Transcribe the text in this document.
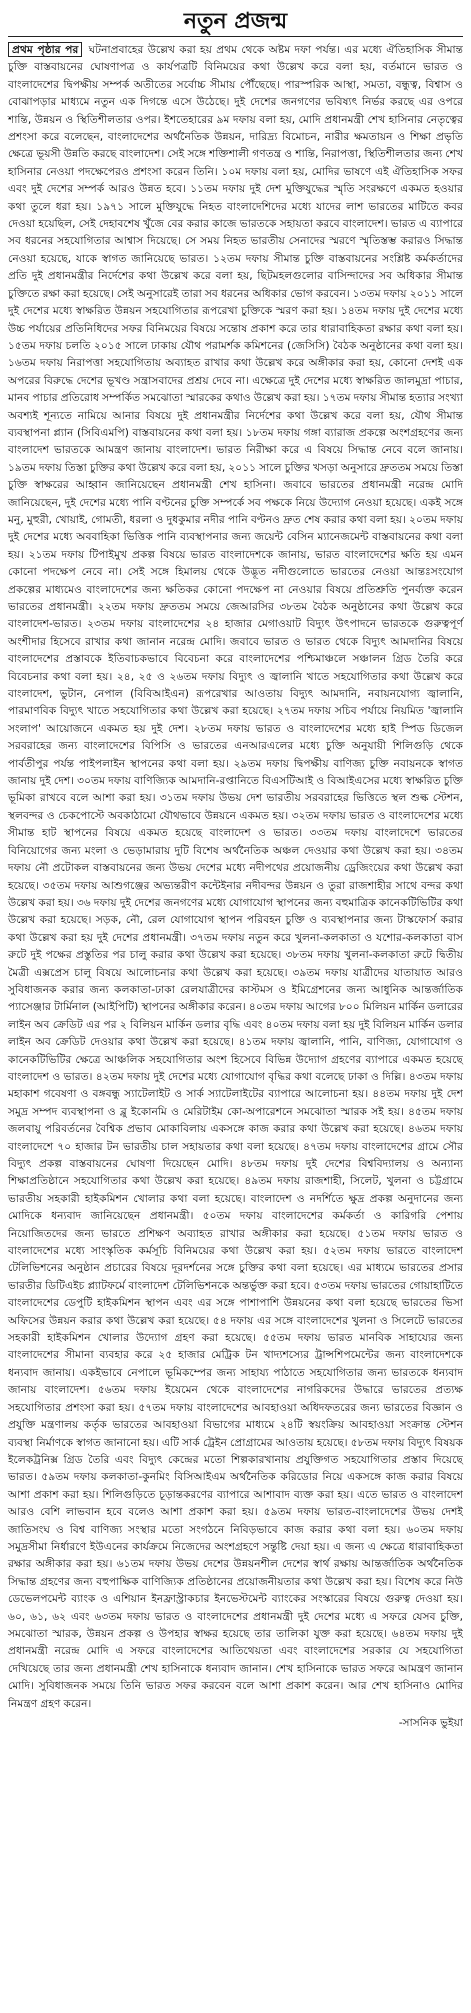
নতুন প্রজন্ম

প্রথম পৃষ্ঠার পর ঘটনাপ্রবাহের উল্লেখ করা হয় প্রথম থেকে অষ্টম দফা পর্যন্ত। এর মধ্যে ঐতিহাসিক সীমান্ত চুক্তি বাস্তবায়নের ঘোষণাপত্র ও কার্যপত্রটি বিনিময়ের কথা উল্লেখ করে বলা হয়, বর্তমানে ভারত ও বাংলাদেশের দ্বিপক্ষীয় সম্পর্ক অতীতের সর্বোচ্চ সীমায় পৌঁছেছে। পারস্পরিক আস্থা, সমতা, বন্ধুত্ব, বিশ্বাস ও বোঝাপড়ার মাধ্যমে নতুন এক দিগন্তে এসে উঠেছে। দুই দেশের জনগণের ভবিষ্যৎ নির্ভর করছে এর ওপরে শান্তি, উন্নয়ন ও স্থিতিশীলতার ওপর। ইশতেহারের ৯ম দফায় বলা হয়, মোদি প্রধানমন্ত্রী শেখ হাসিনার নেতৃত্বের প্রশংসা করে বলেছেন, বাংলাদেশের অর্থনৈতিক উন্নয়ন, দারিদ্র্য বিমোচন, নারীর ক্ষমতায়ন ও শিক্ষা প্রভৃতি ক্ষেত্রে ভূয়সী উন্নতি করছে বাংলাদেশ। সেই সঙ্গে শক্তিশালী গণতন্ত্র ও শান্তি, নিরাপত্তা, স্থিতিশীলতার জন্য শেখ হাসিনার নেওয়া পদক্ষেপেরও প্রশংসা করেন তিনি। ১০ম দফায় বলা হয়, মোদির ভাষণে এই ঐতিহাসিক সফর এবং দুই দেশের সম্পর্ক আরও উন্নত হবে। ১১তম দফায় দুই দেশ মুক্তিযুদ্ধের স্মৃতি সংরক্ষণে একমত হওয়ার কথা তুলে ধরা হয়। ১৯৭১ সালে মুক্তিযুদ্ধে নিহত বাংলাদেশিদের মধ্যে যাদের লাশ ভারতের মাটিতে কবর দেওয়া হয়েছিল, সেই দেহাবশেষ খুঁজে বের করার কাজে ভারতকে সহায়তা করবে বাংলাদেশ। ভারত এ ব্যাপারে সব ধরনের সহযোগিতার আশ্বাস দিয়েছে। সে সময় নিহত ভারতীয় সেনাদের স্মরণে স্মৃতিস্তম্ভ করারও সিদ্ধান্ত নেওয়া হয়েছে, যাকে স্বাগত জানিয়েছে ভারত। ১২তম দফায় সীমান্ত চুক্তি বাস্তবায়নের সংশ্লিষ্ট কর্মকর্তাদের প্রতি দুই প্রধানমন্ত্রীর নির্দেশের কথা উল্লেখ করে বলা হয়, ছিটমহলগুলোর বাসিন্দাদের সব অধিকার সীমান্ত চুক্তিতে রক্ষা করা হয়েছে। সেই অনুসারেই তারা সব ধরনের অধিকার ভোগ করবেন। ১৩তম দফায় ২০১১ সালে দুই দেশের মধ্যে স্বাক্ষরিত উন্নয়ন সহযোগিতার রূপরেখা চুক্তিকে স্মরণ করা হয়। ১৪তম দফায় দুই দেশের মধ্যে উচ্চ পর্যায়ের প্রতিনিধিদের সফর বিনিময়ের বিষয়ে সন্তোষ প্রকাশ করে তার ধারাবাহিকতা রক্ষার কথা বলা হয়। ১৫তম দফায় চলতি ২০১৫ সালে ঢাকায় যৌথ পরামর্শক কমিশনের (জেসিসি) বৈঠক অনুষ্ঠানের কথা বলা হয়। ১৬তম দফায় নিরাপত্তা সহযোগিতায় অব্যাহত রাখার কথা উল্লেখ করে অঙ্গীকার করা হয়, কোনো দেশই এক অপরের বিরুদ্ধে দেশের ভূখণ্ড সন্ত্রাসবাদের প্রশ্রয় দেবে না। এক্ষেত্রে দুই দেশের মধ্যে স্বাক্ষরিত জালমুদ্রা পাচার, মানব পাচার প্রতিরোধ সম্পর্কিত সমঝোতা স্মারকের কথাও উল্লেখ করা হয়। ১৭তম দফায় সীমান্ত হত্যার সংখ্যা অবশ্যই শূন্যতে নামিয়ে আনার বিষয়ে দুই প্রধানমন্ত্রীর নির্দেশের কথা উল্লেখ করে বলা হয়, যৌথ সীমান্ত ব্যবস্থাপনা প্ল্যান (সিবিএমপি) বাস্তবায়নের কথা বলা হয়। ১৮তম দফায় গঙ্গা ব্যারাজ প্রকল্পে অংশগ্রহণের জন্য বাংলাদেশ ভারতকে আমন্ত্রণ জানায় বাংলাদেশ। ভারত নিরীক্ষা করে এ বিষয়ে সিদ্ধান্ত নেবে বলে জানায়। ১৯তম দফায় তিস্তা চুক্তির কথা উল্লেখ করে বলা হয়, ২০১১ সালে চুক্তির খসড়া অনুসারে দ্রুততম সময়ে তিস্তা চুক্তি স্বাক্ষরের আহ্বান জানিয়েছেন প্রধানমন্ত্রী শেখ হাসিনা। জবাবে ভারতের প্রধানমন্ত্রী নরেন্দ্র মোদি জানিয়েছেন, দুই দেশের মধ্যে পানি বণ্টনের চুক্তি সম্পর্কে সব পক্ষকে নিয়ে উদ্যোগ নেওয়া হয়েছে। একই সঙ্গে মনু, মুহুরী, খোয়াই, গোমতী, ধরলা ও দুধকুমার নদীর পানি বণ্টনও দ্রুত শেষ করার কথা বলা হয়। ২০তম দফায় দুই দেশের মধ্যে অববাহিকা ভিত্তিক পানি ব্যবস্থাপনার জন্য জয়েন্ট বেসিন ম্যানেজমেন্ট বাস্তবায়নের কথা বলা হয়। ২১তম দফায় টিপাইমুখ প্রকল্প বিষয়ে ভারত বাংলাদেশকে জানায়, ভারত বাংলাদেশের ক্ষতি হয় এমন কোনো পদক্ষেপ নেবে না। সেই সঙ্গে হিমালয় থেকে উদ্ভূত নদীগুলোতে ভারতের নেওয়া আন্তঃসংযোগ প্রকল্পের মাধ্যমেও বাংলাদেশের জন্য ক্ষতিকর কোনো পদক্ষেপ না নেওয়ার বিষয়ে প্রতিশ্রুতি পুনর্ব্যক্ত করেন ভারতের প্রধানমন্ত্রী। ২২তম দফায় দ্রুততম সময়ে জেআরসির ৩৮তম বৈঠক অনুষ্ঠানের কথা উল্লেখ করে বাংলাদেশ-ভারত। ২৩তম দফায় বাংলাদেশের ২৪ হাজার মেগাওয়াট বিদ্যুৎ উৎপাদনে ভারতকে গুরুত্বপূর্ণ অংশীদার হিসেবে রাখার কথা জানান নরেন্দ্র মোদি। জবাবে ভারত ও ভারত থেকে বিদ্যুৎ আমদানির বিষয়ে বাংলাদেশের প্রস্তাবকে ইতিবাচকভাবে বিবেচনা করে বাংলাদেশের পশ্চিমাঞ্চলে সঞ্চালন গ্রিড তৈরি করে বিবেচনার কথা বলা হয়। ২৪, ২৫ ও ২৬তম দফায় বিদ্যুৎ ও জ্বালানি খাতে সহযোগিতার কথা উল্লেখ করে বাংলাদেশ, ভুটান, নেপাল (বিবিআইএন) রূপরেখার আওতায় বিদ্যুৎ আমদানি, নবায়নযোগ্য জ্বালানি, পারমাণবিক বিদ্যুৎ খাতে সহযোগিতার কথা উল্লেখ করা হয়েছে। ২৭তম দফায় সচিব পর্যায়ে নিয়মিত 'জ্বালানি সংলাপ' আয়োজনে একমত হয় দুই দেশ। ২৮তম দফায় ভারত ও বাংলাদেশের মধ্যে হাই স্পিড ডিজেল সরবরাহের জন্য বাংলাদেশের বিপিসি ও ভারতের এনআরএলের মধ্যে চুক্তি অনুযায়ী শিলিগুড়ি থেকে পার্বতীপুর পর্যন্ত পাইপলাইন স্থাপনের কথা বলা হয়। ২৯তম দফায় দ্বিপক্ষীয় বাণিজ্য চুক্তি নবায়নকে স্বাগত জানায় দুই দেশ। ৩০তম দফায় বাণিজ্যিক আমদানি-রপ্তানিতে বিএসটিআই ও বিআইএসের মধ্যে স্বাক্ষরিত চুক্তি ভূমিকা রাখবে বলে আশা করা হয়। ৩১তম দফায় উভয় দেশ ভারতীয় সরবরাহের ভিত্তিতে স্থল শুল্ক স্টেশন, স্থলবন্দর ও চেকপোস্টে অবকাঠামো যৌথভাবে উন্নয়নে একমত হয়। ৩২তম দফায় ভারত ও বাংলাদেশের মধ্যে সীমান্ত হাট স্থাপনের বিষয়ে একমত হয়েছে বাংলাদেশ ও ভারত। ৩৩তম দফায় বাংলাদেশে ভারতের বিনিয়োগের জন্য মংলা ও ভেড়ামারায় দুটি বিশেষ অর্থনৈতিক অঞ্চল দেওয়ার কথা উল্লেখ করা হয়। ৩৪তম দফায় নৌ প্রটোকল বাস্তবায়নের জন্য উভয় দেশের মধ্যে নদীপথের প্রয়োজনীয় ড্রেজিংয়ের কথা উল্লেখ করা হয়েছে। ৩৫তম দফায় আশুগঞ্জের অভ্যন্তরীণ কন্টেইনার নদীবন্দর উন্নয়ন ও তুরা রাজশাহীর সাথে বন্দর কথা উল্লেখ করা হয়। ৩৬ দফায় দুই দেশের জনগণের মধ্যে যোগাযোগ স্থাপনের জন্য বহুমাত্রিক কানেকটিভিটির কথা উল্লেখ করা হয়েছে। সড়ক, নৌ, রেল যোগাযোগ স্থাপন পরিবহন চুক্তি ও ব্যবস্থাপনার জন্য টাস্কফোর্স করার কথা উল্লেখ করা হয় দুই দেশের প্রধানমন্ত্রী। ৩৭তম দফায় নতুন করে খুলনা-কলকাতা ও যশোর-কলকাতা বাস রুটে দুই পক্ষের প্রস্তুতির পর চালু করার কথা উল্লেখ করা হয়েছে। ৩৮তম দফায় খুলনা-কলকাতা রুটে দ্বিতীয় মৈত্রী এক্সপ্রেস চালু বিষয়ে আলোচনার কথা উল্লেখ করা হয়েছে। ৩৯তম দফায় যাত্রীদের যাতায়াত আরও সুবিধাজনক করার জন্য কলকাতা-ঢাকা রেলযাত্রীদের কাস্টমস ও ইমিগ্রেশনের জন্য আধুনিক আন্তর্জাতিক প্যাসেঞ্জার টার্মিনাল (আইপিটি) স্থাপনের অঙ্গীকার করেন। ৪০তম দফায় আগের ৮০০ মিলিয়ন মার্কিন ডলারের লাইন অব ক্রেডিট এর পর ২ বিলিয়ন মার্কিন ডলার বৃদ্ধি এবং ৪০তম দফায় বলা হয় দুই বিলিয়ন মার্কিন ডলার লাইন অব ক্রেডিট দেওয়ার কথা উল্লেখ করা হয়েছে। ৪১তম দফায় জ্বালানি, পানি, বাণিজ্য, যোগাযোগ ও কানেকটিভিটির ক্ষেত্রে আঞ্চলিক সহযোগিতার অংশ হিসেবে বিভিন্ন উদ্যোগ গ্রহণের ব্যাপারে একমত হয়েছে বাংলাদেশ ও ভারত। ৪২তম দফায় দুই দেশের মধ্যে যোগাযোগ বৃদ্ধির কথা বলেছে ঢাকা ও দিল্লি। ৪৩তম দফায় মহাকাশ গবেষণা ও বঙ্গবন্ধু স্যাটেলাইট ও সার্ক স্যাটেলাইটের ব্যাপারে আলোচনা হয়। ৪৪তম দফায় দুই দেশ সমুদ্র সম্পদ ব্যবস্থাপনা ও ব্লু ইকোনমি ও মেরিটাইম কো-অপারেশনে সমঝোতা স্মারক সই হয়। ৪৫তম দফায় জলবায়ু পরিবর্তনের বৈশ্বিক প্রভাব মোকাবিলায় একসঙ্গে কাজ করার কথা উল্লেখ করা হয়েছে। ৪৬তম দফায় বাংলাদেশে ৭০ হাজার টন ভারতীয় চাল সহায়তার কথা বলা হয়েছে। ৪৭তম দফায় বাংলাদেশের গ্রামে সৌর বিদ্যুৎ প্রকল্প বাস্তবায়নের ঘোষণা দিয়েছেন মোদি। ৪৮তম দফায় দুই দেশের বিশ্ববিদ্যালয় ও অন্যান্য শিক্ষাপ্রতিষ্ঠানে সহযোগিতার কথা উল্লেখ করা হয়েছে। ৪৯তম দফায় রাজশাহী, সিলেট, খুলনা ও চট্টগ্রামে ভারতীয় সহকারী হাইকমিশন খোলার কথা বলা হয়েছে। বাংলাদেশ ও নদর্শিতে ক্ষুদ্র প্রকল্প অনুদানের জন্য মোদিকে ধন্যবাদ জানিয়েছেন প্রধানমন্ত্রী। ৫০তম দফায় বাংলাদেশের কর্মকর্তা ও কারিগরি পেশায় নিয়োজিতদের জন্য ভারতে প্রশিক্ষণ অব্যাহত রাখার অঙ্গীকার করা হয়েছে। ৫১তম দফায় ভারত ও বাংলাদেশের মধ্যে সাংস্কৃতিক কর্মসূচি বিনিময়ের কথা উল্লেখ করা হয়। ৫২তম দফায় ভারতে বাংলাদেশ টেলিভিশনের অনুষ্ঠান প্রচারের বিষয়ে দূরদর্শনের সঙ্গে চুক্তির কথা বলা হয়েছে। এর মাধ্যমে ভারতের প্রসার ভারতীর ডিটিএইচ প্ল্যাটফর্মে বাংলাদেশ টেলিভিশনকে অন্তর্ভুক্ত করা হবে। ৫৩তম দফায় ভারতের গোয়াহাটিতে বাংলাদেশের ডেপুটি হাইকমিশন স্থাপন এবং এর সঙ্গে পাশাপাশি উন্নয়নের কথা বলা হয়েছে ভারতের ভিসা অফিসের উন্নয়ন করার কথা উল্লেখ করা হয়েছে। ৫৪ দফায় এর সঙ্গে বাংলাদেশের খুলনা ও সিলেটে ভারতের সহকারী হাইকমিশন খোলার উদ্যোগ গ্রহণ করা হয়েছে। ৫৫তম দফায় ভারত মানবিক সাহায্যের জন্য বাংলাদেশের সীমানা ব্যবহার করে ২৫ হাজার মেট্রিক টন খাদ্যশস্যের ট্রান্সশিপমেন্টের জন্য বাংলাদেশকে ধন্যবাদ জানায়। একইভাবে নেপালে ভূমিকম্পের জন্য সাহায্য পাঠাতে সহযোগিতার জন্য ভারতকে ধন্যবাদ জানায় বাংলাদেশ। ৫৬তম দফায় ইয়েমেন থেকে বাংলাদেশের নাগরিকদের উদ্ধারে ভারতের প্রত্যক্ষ সহযোগিতার প্রশংসা করা হয়। ৫৭তম দফায় বাংলাদেশের আবহাওয়া অধিদফতরের জন্য ভারতের বিজ্ঞান ও প্রযুক্তি মন্ত্রণালয় কর্তৃক ভারতের আবহাওয়া বিভাগের মাধ্যমে ২৪টি স্বয়ংক্রিয় আবহাওয়া সংক্রান্ত স্টেশন ব্যবস্থা নির্মাণকে স্বাগত জানানো হয়। এটি সার্ক ট্রেইন প্রোগ্রামের আওতায় হয়েছে। ৫৮তম দফায় বিদ্যুৎ বিষয়ক ইলেকট্রনিক্স গ্রিড তৈরি এবং বিদ্যুৎ কেন্দ্রের মতো শিল্পকারখানায় প্রযুক্তিগত সহযোগিতার প্রস্তাব দিয়েছে ভারত। ৫৯তম দফায় কলকাতা-কুনমিং বিসিআইএম অর্থনৈতিক করিডোর নিয়ে একসঙ্গে কাজ করার বিষয়ে আশা প্রকাশ করা হয়। শিলিগুড়িতে চূড়ান্তকরণের ব্যাপারে আশাবাদ ব্যক্ত করা হয়। এতে ভারত ও বাংলাদেশ আরও বেশি লাভবান হবে বলেও আশা প্রকাশ করা হয়। ৫৯তম দফায় ভারত-বাংলাদেশের উভয় দেশই জাতিসংঘ ও বিশ্ব বাণিজ্য সংস্থার মতো সংগঠনে নিবিড়ভাবে কাজ করার কথা বলা হয়। ৬০তম দফায় সমুদ্রসীমা নির্ধারণে ইউএনের কার্যক্রমে নিজেদের অংশগ্রহণে সন্তুষ্টি দেয়া হয়। এ জন্য এ ক্ষেত্রে ধারাবাহিকতা রক্ষার অঙ্গীকার করা হয়। ৬১তম দফায় উভয় দেশের উন্নয়নশীল দেশের স্বার্থ রক্ষায় আন্তর্জাতিক অর্থনৈতিক সিদ্ধান্ত গ্রহণের জন্য বহুপাক্ষিক বাণিজ্যিক প্রতিষ্ঠানের প্রয়োজনীয়তার কথা উল্লেখ করা হয়। বিশেষ করে নিউ ডেভেলপমেন্ট ব্যাংক ও এশিয়ান ইনফ্রাস্ট্রাকচার ইনভেস্টমেন্ট ব্যাংকের সংস্কারের বিষয়ে গুরুত্ব দেওয়া হয়। ৬০, ৬১, ৬২ এবং ৬৩তম দফায় ভারত ও বাংলাদেশের প্রধানমন্ত্রী দুই দেশের মধ্যে এ সফরে যেসব চুক্তি, সমঝোতা স্মারক, উন্নয়ন প্রকল্প ও উপহার স্বাক্ষর হয়েছে তার তালিকা যুক্ত করা হয়েছে। ৬৪তম দফায় দুই প্রধানমন্ত্রী নরেন্দ্র মোদি এ সফরে বাংলাদেশের আতিথেয়তা এবং বাংলাদেশের সরকার যে সহযোগিতা দেখিয়েছে তার জন্য প্রধানমন্ত্রী শেখ হাসিনাকে ধন্যবাদ জানান। শেখ হাসিনাকে ভারত সফরে আমন্ত্রণ জানান মোদি। সুবিধাজনক সময়ে তিনি ভারত সফর করবেন বলে আশা প্রকাশ করেন। আর শেখ হাসিনাও মোদির নিমন্ত্রণ গ্রহণ করেন।

-সাসনিক ভুইয়া
